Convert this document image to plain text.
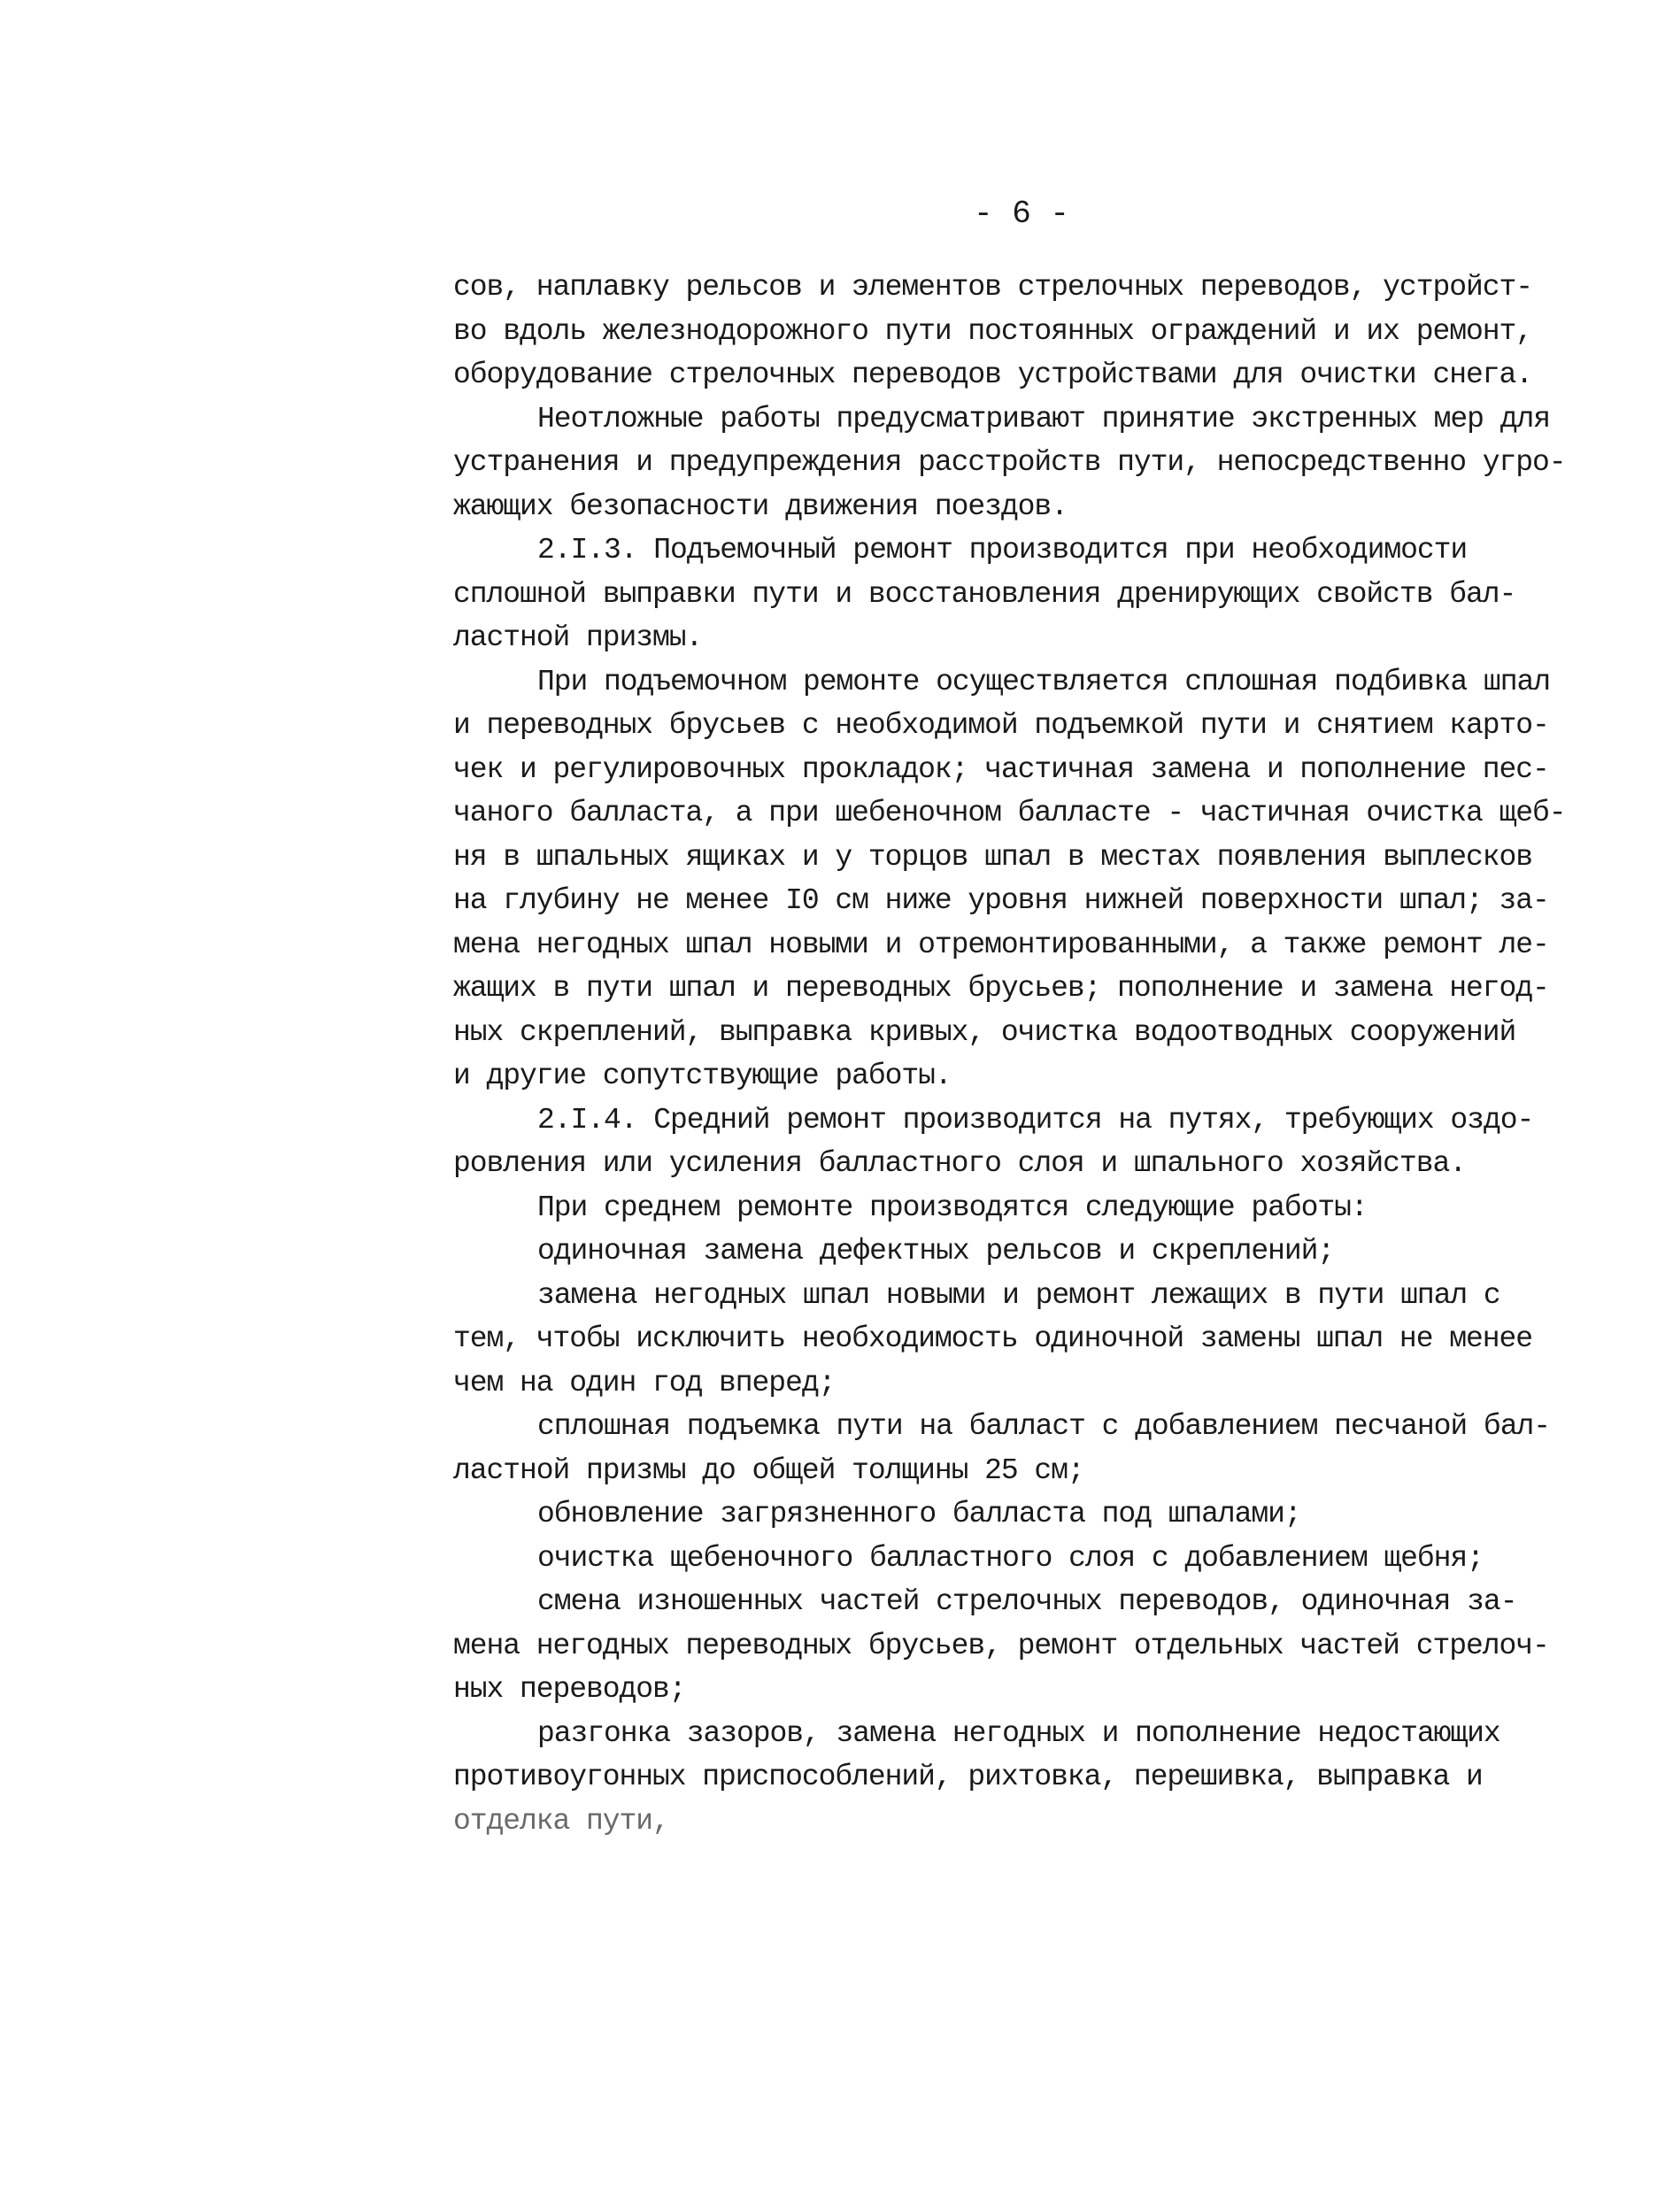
- 6 -
сов, наплавку рельсов и элементов стрелочных переводов, устройст-
во вдоль железнодорожного пути постоянных ограждений и их ремонт,
оборудование стрелочных переводов устройствами для очистки снега.
Неотложные работы предусматривают принятие экстренных мер для
устранения и предупреждения расстройств пути, непосредственно угро-
жающих безопасности движения поездов.
2.I.3. Подъемочный ремонт производится при необходимости
сплошной выправки пути и восстановления дренирующих свойств бал-
ластной призмы.
При подъемочном ремонте осуществляется сплошная подбивка шпал
и переводных брусьев с необходимой подъемкой пути и снятием карто-
чек и регулировочных прокладок; частичная замена и пополнение пес-
чаного балласта, а при шебеночном балласте - частичная очистка щеб-
ня в шпальных ящиках и у торцов шпал в местах появления выплесков
на глубину не менее I0 см ниже уровня нижней поверхности шпал; за-
мена негодных шпал новыми и отремонтированными, а также ремонт ле-
жащих в пути шпал и переводных брусьев; пополнение и замена негод-
ных скреплений, выправка кривых, очистка водоотводных сооружений
и другие сопутствующие работы.
2.I.4. Средний ремонт производится на путях, требующих оздо-
ровления или усиления балластного слоя и шпального хозяйства.
При среднем ремонте производятся следующие работы:
одиночная замена дефектных рельсов и скреплений;
замена негодных шпал новыми и ремонт лежащих в пути шпал с
тем, чтобы исключить необходимость одиночной замены шпал не менее
чем на один год вперед;
сплошная подъемка пути на балласт с добавлением песчаной бал-
ластной призмы до общей толщины 25 см;
обновление загрязненного балласта под шпалами;
очистка щебеночного балластного слоя с добавлением щебня;
смена изношенных частей стрелочных переводов, одиночная за-
мена негодных переводных брусьев, ремонт отдельных частей стрелоч-
ных переводов;
разгонка зазоров, замена негодных и пополнение недостающих
противоугонных приспособлений, рихтовка, перешивка, выправка и
отделка пути,
